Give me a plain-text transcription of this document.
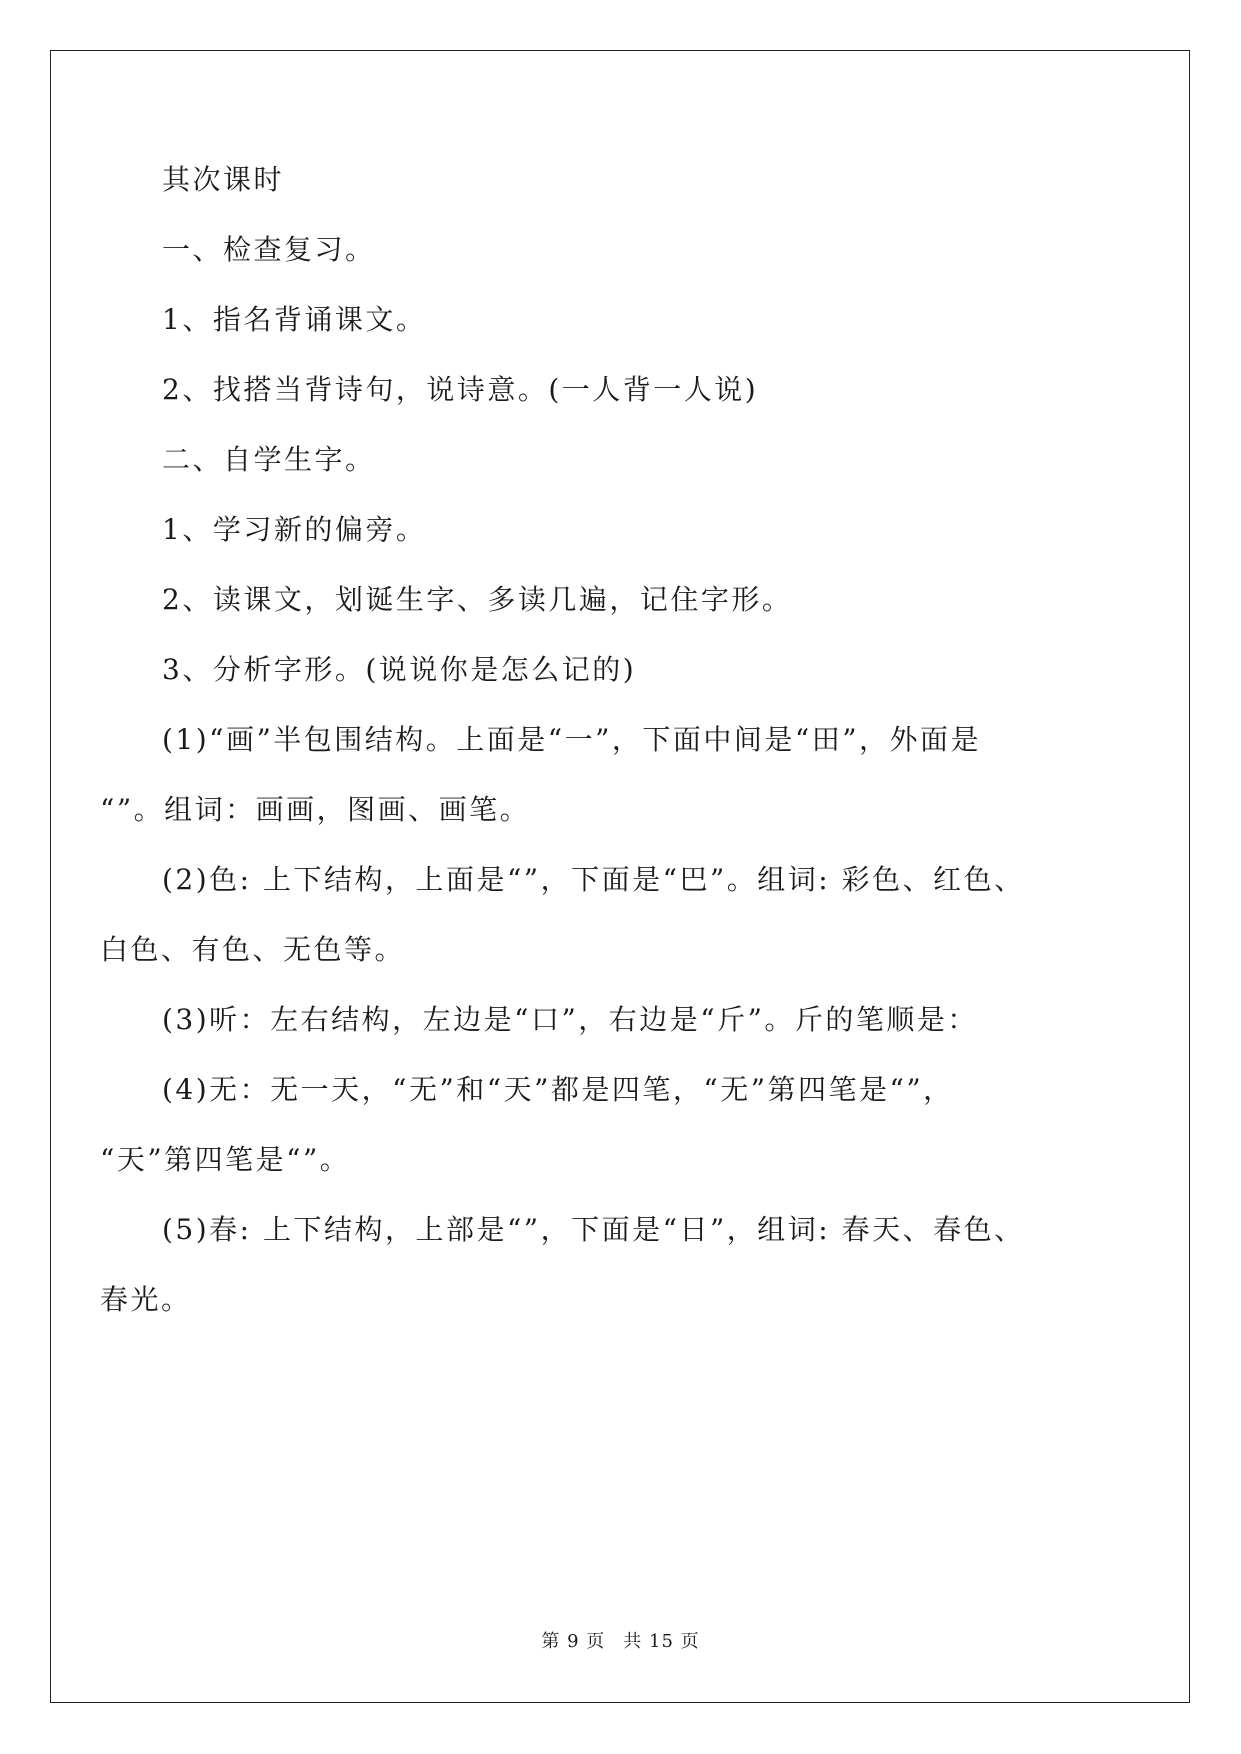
其次课时
一、检查复习。
1、指名背诵课文。
2、找搭当背诗句，说诗意。(一人背一人说)
二、自学生字。
1、学习新的偏旁。
2、读课文，划诞生字、多读几遍，记住字形。
3、分析字形。(说说你是怎么记的)
(1)“画”半包围结构。上面是“一”，下面中间是“田”，外面是
“”。组词：画画，图画、画笔。
(2)色: 上下结构，上面是“”，下面是“巴”。组词: 彩色、红色、
白色、有色、无色等。
(3)听：左右结构，左边是“口”，右边是“斤”。斤的笔顺是：
(4)无：无一天，“无”和“天”都是四笔，“无”第四笔是“”，
“天”第四笔是“”。
(5)春: 上下结构，上部是“”，下面是“日”，组词: 春天、春色、
春光。
第 9 页 共 15 页
